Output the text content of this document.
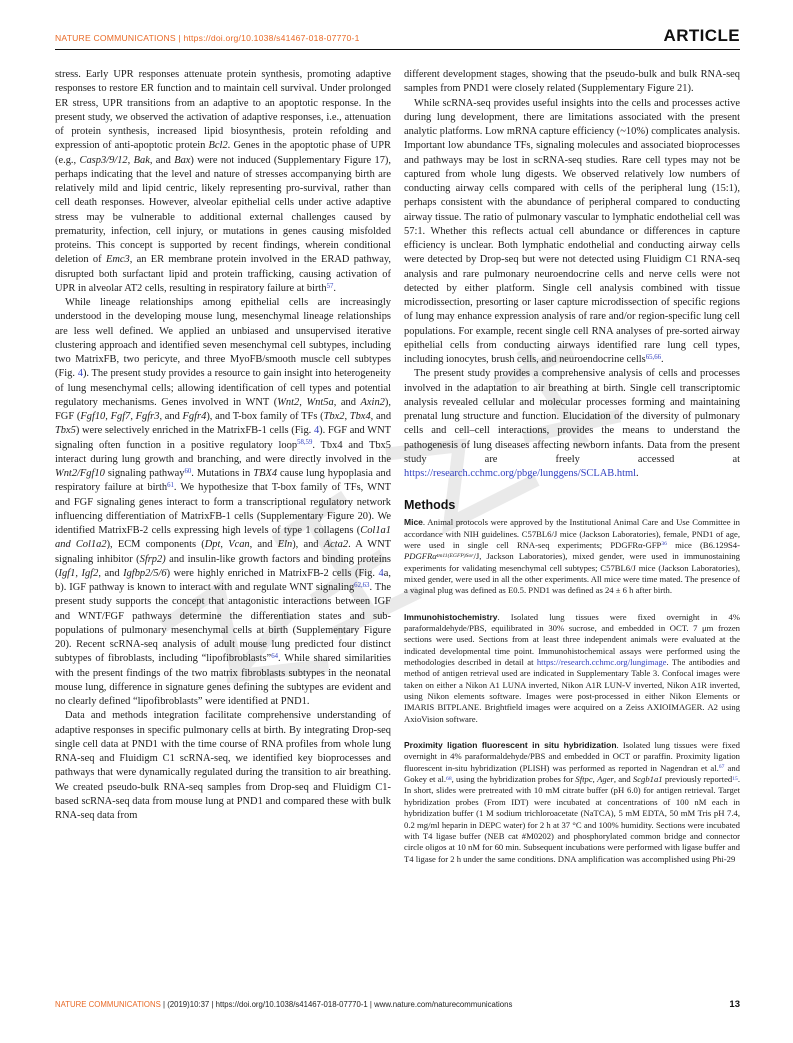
NATURE COMMUNICATIONS | https://doi.org/10.1038/s41467-018-07770-1	ARTICLE

stress. Early UPR responses attenuate protein synthesis, promoting adaptive responses to restore ER function and to maintain cell survival. Under prolonged ER stress, UPR transitions from an adaptive to an apoptotic response. In the present study, we observed the activation of adaptive responses, i.e., attenuation of protein synthesis, increased lipid biosynthesis, protein refolding and expression of anti-apoptotic protein Bcl2. Genes in the apoptotic phase of UPR (e.g., Casp3/9/12, Bak, and Bax) were not induced (Supplementary Figure 17), perhaps indicating that the level and nature of stresses accompanying birth are relatively mild and lipid centric, likely representing pro-survival, rather than cell death responses. However, alveolar epithelial cells under active adaptive stress may be vulnerable to additional external challenges caused by prematurity, infection, cell injury, or mutations in genes causing misfolded proteins. This concept is supported by recent findings, wherein conditional deletion of Emc3, an ER membrane protein involved in the ERAD pathway, disrupted both surfactant lipid and protein trafficking, causing activation of UPR in alveolar AT2 cells, resulting in respiratory failure at birth$^{57}$.

While lineage relationships among epithelial cells are increasingly understood in the developing mouse lung, mesenchymal lineage relationships are less well defined. We applied an unbiased and unsupervised iterative clustering approach and identified seven mesenchymal cell subtypes, including two MatrixFB, two pericyte, and three MyoFB/smooth muscle cell subtypes (Fig. 4). The present study provides a resource to gain insight into heterogeneity of lung mesenchymal cells; allowing identification of cell types and potential regulatory mechanisms. Genes involved in WNT (Wnt2, Wnt5a, and Axin2), FGF (Fgf10, Fgf7, Fgfr3, and Fgfr4), and T-box family of TFs (Tbx2, Tbx4, and Tbx5) were selectively enriched in the MatrixFB-1 cells (Fig. 4). FGF and WNT signaling often function in a positive regulatory loop$^{58,59}$. Tbx4 and Tbx5 interact during lung growth and branching, and were directly involved in the Wnt2/Fgf10 signaling pathway$^{60}$. Mutations in TBX4 cause lung hypoplasia and respiratory failure at birth$^{61}$. We hypothesize that T-box family of TFs, WNT and FGF signaling genes interact to form a transcriptional regulatory network influencing differentiation of MatrixFB-1 cells (Supplementary Figure 20). We identified MatrixFB-2 cells expressing high levels of type 1 collagens (Col1a1 and Col1a2), ECM components (Dpt, Vcan, and Eln), and Acta2. A WNT signaling inhibitor (Sfrp2) and insulin-like growth factors and binding proteins (Igf1, Igf2, and Igfbp2/5/6) were highly enriched in MatrixFB-2 cells (Fig. 4a, b). IGF pathway is known to interact with and regulate WNT signaling$^{62,63}$. The present study supports the concept that antagonistic interactions between IGF and WNT/FGF pathways determine the differentiation states and sub-populations of pulmonary mesenchymal cells at birth (Supplementary Figure 20). Recent scRNA-seq analysis of adult mouse lung predicted four distinct subtypes of fibroblasts, including “lipofibroblasts”$^{64}$. While shared similarities with the present findings of the two matrix fibroblasts subtypes in the neonatal mouse lung, difference in signature genes defining the subtypes are evident and no clearly defined “lipofibroblasts” were identified at PND1.

Data and methods integration facilitate comprehensive understanding of adaptive responses in specific pulmonary cells at birth. By integrating Drop-seq single cell data at PND1 with the time course of RNA profiles from whole lung RNA-seq and Fluidigm C1 scRNA-seq, we identified key bioprocesses and pathways that were dynamically regulated during the transition to air breathing. We created pseudo-bulk RNA-seq samples from Drop-seq and Fluidigm C1-based scRNA-seq data from mouse lung at PND1 and compared these with bulk RNA-seq data from

different development stages, showing that the pseudo-bulk and bulk RNA-seq samples from PND1 were closely related (Supplementary Figure 21).

While scRNA-seq provides useful insights into the cells and processes active during lung development, there are limitations associated with the present analytic platforms. Low mRNA capture efficiency (~10%) complicates analysis. Important low abundance TFs, signaling molecules and associated bioprocesses and pathways may be lost in scRNA-seq studies. Rare cell types may not be captured from whole lung digests. We observed relatively low numbers of conducting airway cells compared with cells of the peripheral lung (15:1), perhaps consistent with the abundance of peripheral compared to conducting airway tissue. The ratio of pulmonary vascular to lymphatic endothelial cell was 57:1. Whether this reflects actual cell abundance or differences in capture efficiency is unclear. Both lymphatic endothelial and conducting airway cells were detected by Drop-seq but were not detected using Fluidigm C1 RNA-seq analysis and rare pulmonary neuroendocrine cells and nerve cells were not detected by either platform. Single cell analysis combined with tissue microdissection, presorting or laser capture microdissection of specific regions of lung may enhance expression analysis of rare and/or region-specific lung cell populations. For example, recent single cell RNA analyses of pre-sorted airway epithelial cells from conducting airways identified rare lung cell types, including ionocytes, brush cells, and neuroendocrine cells$^{65,66}$.

The present study provides a comprehensive analysis of cells and processes involved in the adaptation to air breathing at birth. Single cell transcriptomic analysis revealed cellular and molecular processes forming and maintaining prenatal lung structure and function. Elucidation of the diversity of pulmonary cells and cell–cell interactions, provides the means to understand the pathogenesis of lung diseases affecting newborn infants. Data from the present study are freely accessed at https://research.cchmc.org/pbge/lunggens/SCLAB.html.

Methods

Mice. Animal protocols were approved by the Institutional Animal Care and Use Committee in accordance with NIH guidelines. C57BL6/J mice (Jackson Laboratories), female, PND1 of age, were used in single cell RNA-seq experiments; PDGFRα-GFP$^{36}$ mice (B6.129S4-PDGFRα$^{tm11(EGFP)Sor}$/J, Jackson Laboratories), mixed gender, were used in immunostaining experiments for validating mesenchymal cell subtypes; C57BL6/J mice (Jackson Laboratories), mixed gender, were used in all the other experiments. All mice were time mated. The presence of a vaginal plug was defined as E0.5. PND1 was defined as 24 ± 6 h after birth.

Immunohistochemistry. Isolated lung tissues were fixed overnight in 4% paraformaldehyde/PBS, equilibrated in 30% sucrose, and embedded in OCT. 7 μm frozen sections were used. Sections from at least three independent animals were evaluated at the indicated developmental time point. Immunohistochemical assays were performed using the methodologies described in detail at https://research.cchmc.org/lungimage. The antibodies and method of antigen retrieval used are indicated in Supplementary Table 3. Confocal images were taken on either a Nikon A1 LUNA inverted, Nikon A1R LUN-V inverted, Nikon A1R inverted, using Nikon elements software. Images were post-processed in either Nikon Elements or IMARIS BITPLANE. Brightfield images were acquired on a Zeiss AXIOIMAGER. A2 using AxioVision software.

Proximity ligation fluorescent in situ hybridization. Isolated lung tissues were fixed overnight in 4% paraformaldehyde/PBS and embedded in OCT or paraffin. Proximity ligation fluorescent in-situ hybridization (PLISH) was performed as reported in Nagendran et al.$^{67}$ and Gokey et al.$^{68}$, using the hybridization probes for Sftpc, Ager, and Scgb1a1 previously reported$^{15}$. In short, slides were pretreated with 10 mM citrate buffer (pH 6.0) for antigen retrieval. Target hybridization probes (From IDT) were incubated at concentrations of 100 nM each in hybridization buffer (1 M sodium trichloroacetate (NaTCA), 5 mM EDTA, 50 mM Tris pH 7.4, 0.2 mg/ml heparin in DEPC water) for 2 h at 37 °C and 100% humidity. Sections were incubated with T4 ligase buffer (NEB cat #M0202) and phosphorylated common bridge and connector circle oligos at 10 nM for 60 min. Subsequent incubations were performed with ligase buffer and T4 ligase for 2 h under the same conditions. DNA amplification was accomplished using Phi-29

NATURE COMMUNICATIONS | (2019)10:37 | https://doi.org/10.1038/s41467-018-07770-1 | www.nature.com/naturecommunications	13
